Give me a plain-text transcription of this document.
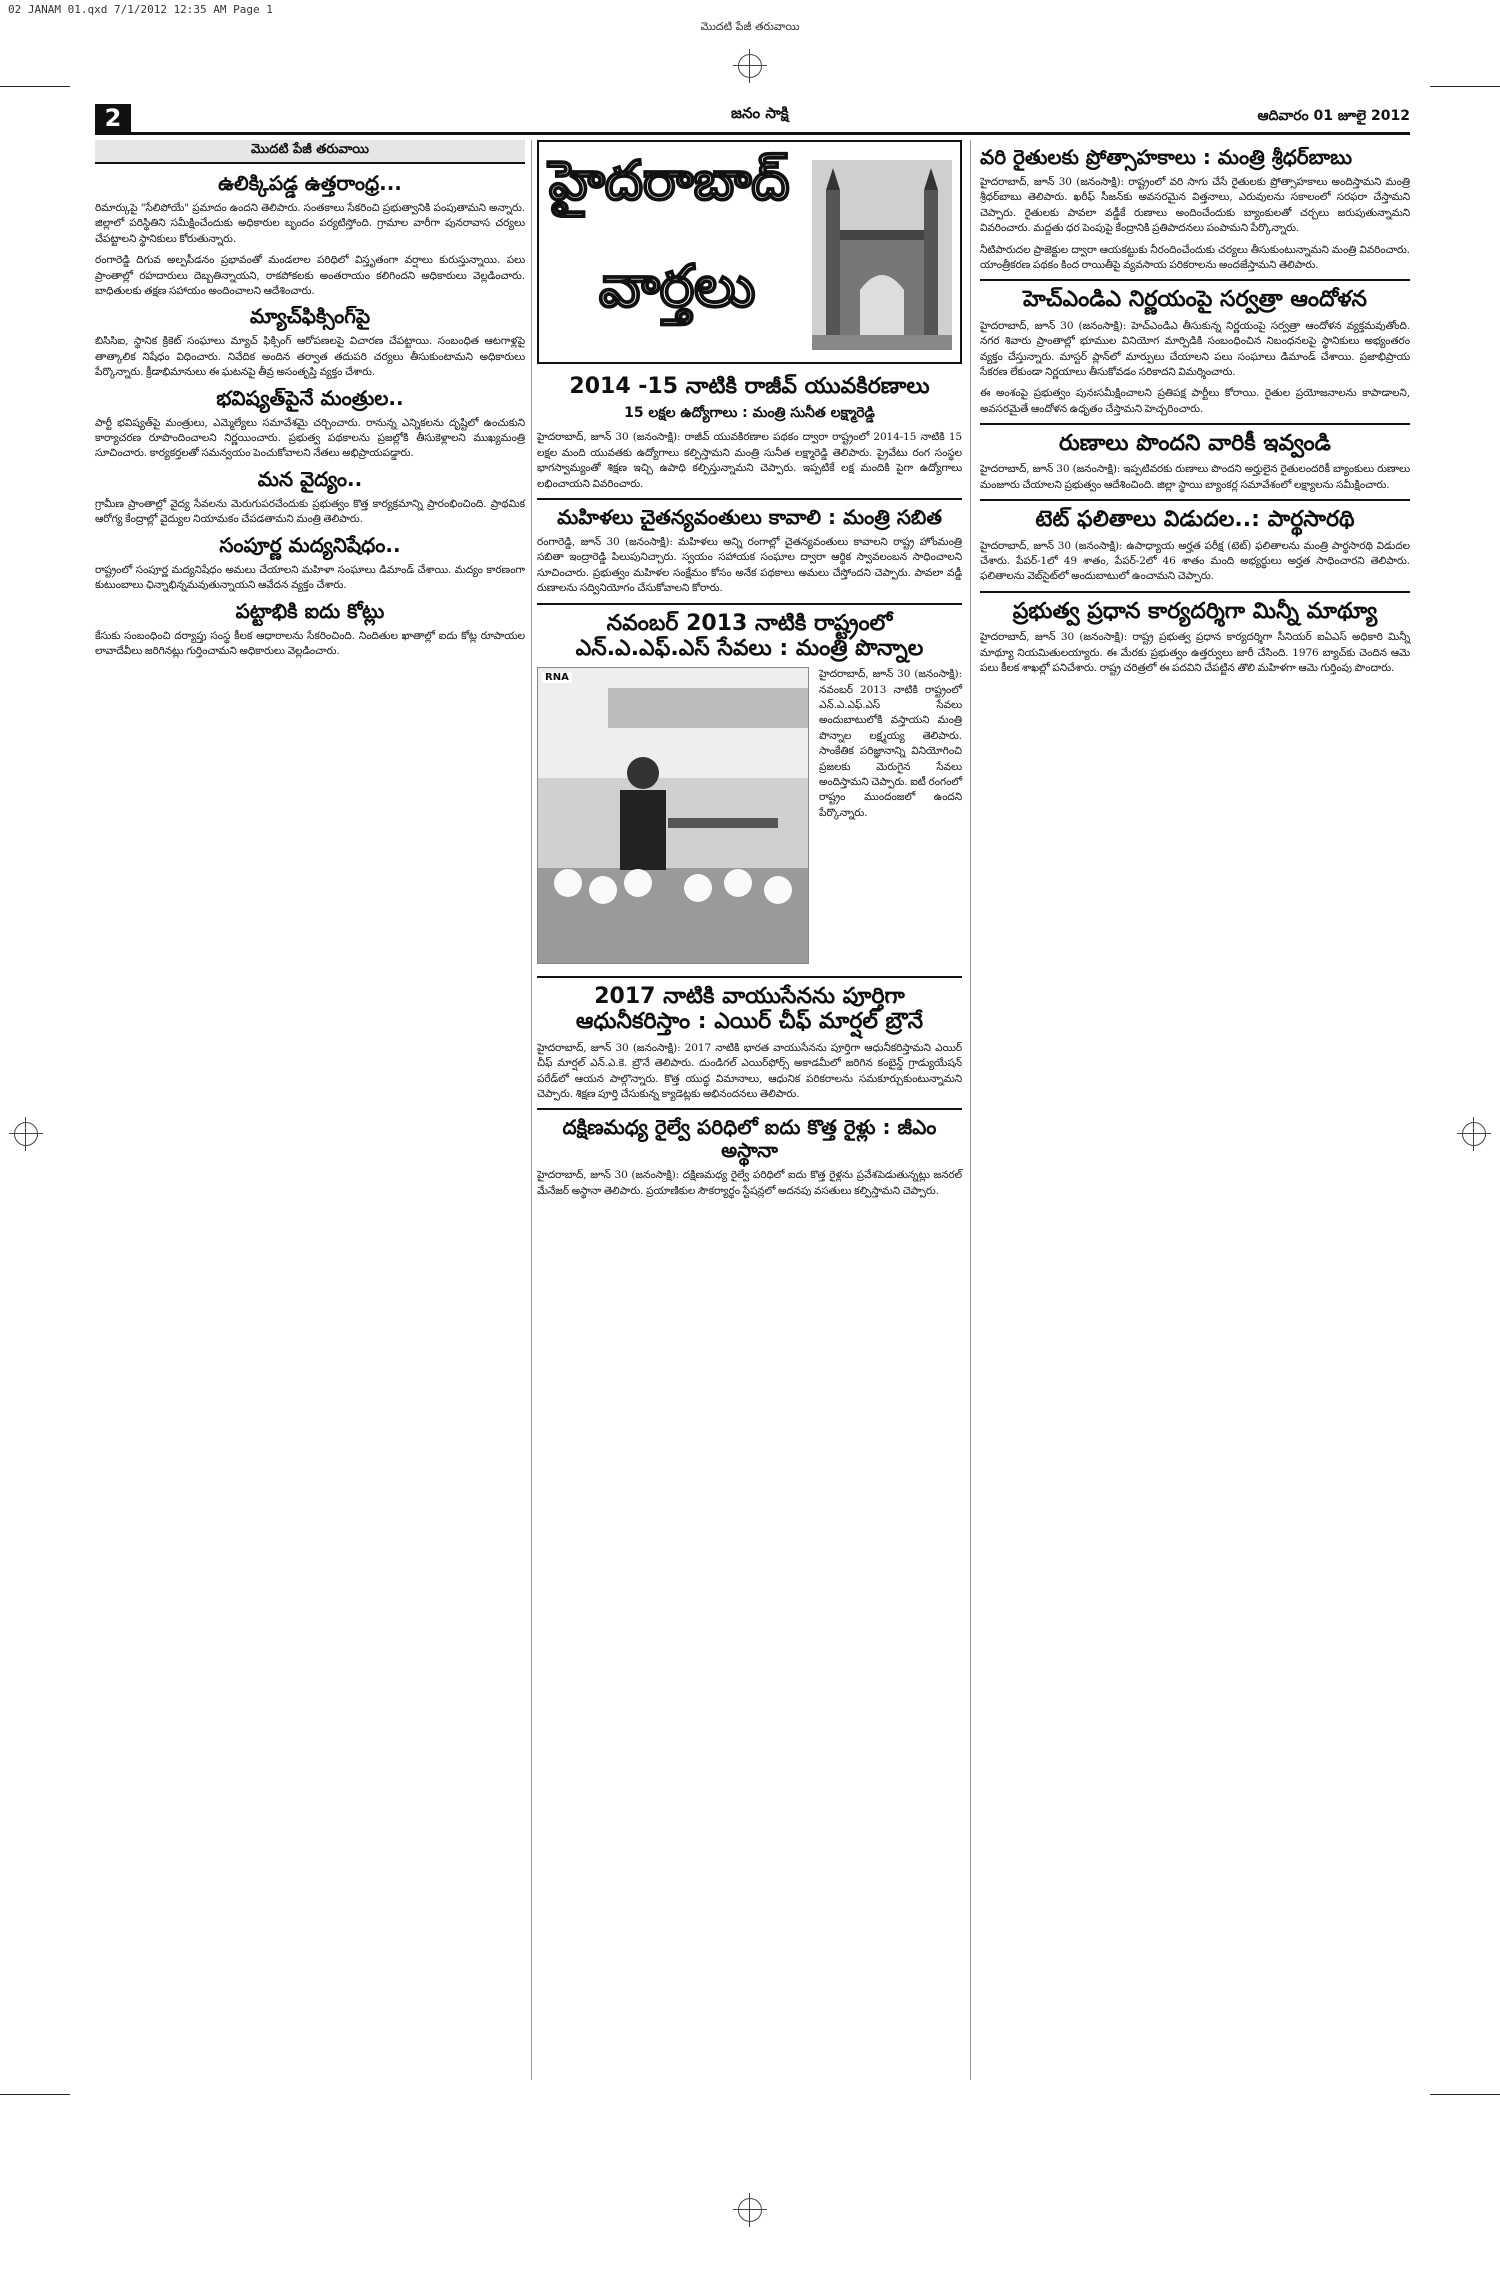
02 JANAM 01.qxd 7/1/2012 12:35 AM Page 1
మొదటి పేజీ తరువాయి
2	జనం సాక్షి	ఆదివారం 01 జూలై 2012
మొదటి పేజీ తరువాయి
ఉలిక్కిపడ్డ ఉత్తరాంధ్ర...

రిమార్కుపై "సేలిపోయే" ప్రమాదం ఉందని తెలిపారు. సంతకాలు సేకరించి ప్రభుత్వానికి పంపుతామని అన్నారు. జిల్లాలో పరిస్థితిని సమీక్షించేందుకు అధికారుల బృందం పర్యటిస్తోంది. గ్రామాల వారీగా పునరావాస చర్యలు చేపట్టాలని స్థానికులు కోరుతున్నారు.

రంగారెడ్డి దిగువ అల్పపీడనం ప్రభావంతో మండలాల పరిధిలో విస్తృతంగా వర్షాలు కురుస్తున్నాయి. పలు ప్రాంతాల్లో రహదారులు దెబ్బతిన్నాయని, రాకపోకలకు అంతరాయం కలిగిందని అధికారులు వెల్లడించారు. బాధితులకు తక్షణ సహాయం అందించాలని ఆదేశించారు.

మ్యాచ్‌ఫిక్సింగ్‌పై

బిసిసిఐ, స్థానిక క్రికెట్ సంఘాలు మ్యాచ్ ఫిక్సింగ్ ఆరోపణలపై విచారణ చేపట్టాయి. సంబంధిత ఆటగాళ్లపై తాత్కాలిక నిషేధం విధించారు. నివేదిక అందిన తర్వాత తదుపరి చర్యలు తీసుకుంటామని అధికారులు పేర్కొన్నారు. క్రీడాభిమానులు ఈ ఘటనపై తీవ్ర అసంతృప్తి వ్యక్తం చేశారు.

భవిష్యత్‌పైనే మంత్రుల..

పార్టీ భవిష్యత్‌పై మంత్రులు, ఎమ్మెల్యేలు సమావేశమై చర్చించారు. రానున్న ఎన్నికలను దృష్టిలో ఉంచుకుని కార్యాచరణ రూపొందించాలని నిర్ణయించారు. ప్రభుత్వ పథకాలను ప్రజల్లోకి తీసుకెళ్లాలని ముఖ్యమంత్రి సూచించారు. కార్యకర్తలతో సమన్వయం పెంచుకోవాలని నేతలు అభిప్రాయపడ్డారు.

మన వైద్యం..

గ్రామీణ ప్రాంతాల్లో వైద్య సేవలను మెరుగుపరచేందుకు ప్రభుత్వం కొత్త కార్యక్రమాన్ని ప్రారంభించింది. ప్రాథమిక ఆరోగ్య కేంద్రాల్లో వైద్యుల నియామకం చేపడతామని మంత్రి తెలిపారు.

సంపూర్ణ మద్యనిషేధం..

రాష్ట్రంలో సంపూర్ణ మద్యనిషేధం అమలు చేయాలని మహిళా సంఘాలు డిమాండ్ చేశాయి. మద్యం కారణంగా కుటుంబాలు ఛిన్నాభిన్నమవుతున్నాయని ఆవేదన వ్యక్తం చేశారు.

పట్టాభికి ఐదు కోట్లు

కేసుకు సంబంధించి దర్యాప్తు సంస్థ కీలక ఆధారాలను సేకరించింది. నిందితుల ఖాతాల్లో ఐదు కోట్ల రూపాయల లావాదేవీలు జరిగినట్లు గుర్తించామని అధికారులు వెల్లడించారు.

హైదరాబాద్
వార్తలు
2014 -15 నాటికి రాజీవ్ యువకిరణాలు
15 లక్షల ఉద్యోగాలు : మంత్రి సునీత లక్ష్మారెడ్డి

హైదరాబాద్, జూన్ 30 (జనంసాక్షి): రాజీవ్ యువకిరణాల పథకం ద్వారా రాష్ట్రంలో 2014-15 నాటికి 15 లక్షల మంది యువతకు ఉద్యోగాలు కల్పిస్తామని మంత్రి సునీత లక్ష్మారెడ్డి తెలిపారు. ప్రైవేటు రంగ సంస్థల భాగస్వామ్యంతో శిక్షణ ఇచ్చి ఉపాధి కల్పిస్తున్నామని చెప్పారు. ఇప్పటికే లక్ష మందికి పైగా ఉద్యోగాలు లభించాయని వివరించారు.

మహిళలు చైతన్యవంతులు కావాలి : మంత్రి సబిత

రంగారెడ్డి, జూన్ 30 (జనంసాక్షి): మహిళలు అన్ని రంగాల్లో చైతన్యవంతులు కావాలని రాష్ట్ర హోంమంత్రి సబితా ఇంద్రారెడ్డి పిలుపునిచ్చారు. స్వయం సహాయక సంఘాల ద్వారా ఆర్థిక స్వావలంబన సాధించాలని సూచించారు. ప్రభుత్వం మహిళల సంక్షేమం కోసం అనేక పథకాలు అమలు చేస్తోందని చెప్పారు. పావలా వడ్డీ రుణాలను సద్వినియోగం చేసుకోవాలని కోరారు.

నవంబర్ 2013 నాటికి రాష్ట్రంలో ఎన్.ఎ.ఎఫ్.ఎస్ సేవలు : మంత్రి పొన్నాల
RNA	హైదరాబాద్, జూన్ 30 (జనంసాక్షి): నవంబర్ 2013 నాటికి రాష్ట్రంలో ఎన్.ఎ.ఎఫ్.ఎస్ సేవలు అందుబాటులోకి వస్తాయని మంత్రి పొన్నాల లక్ష్మయ్య తెలిపారు. సాంకేతిక పరిజ్ఞానాన్ని వినియోగించి ప్రజలకు మెరుగైన సేవలు అందిస్తామని చెప్పారు. ఐటీ రంగంలో రాష్ట్రం ముందంజలో ఉందని పేర్కొన్నారు.

2017 నాటికి వాయుసేనను పూర్తిగా ఆధునీకరిస్తాం : ఎయిర్ చీఫ్ మార్షల్ బ్రౌనే

హైదరాబాద్, జూన్ 30 (జనంసాక్షి): 2017 నాటికి భారత వాయుసేనను పూర్తిగా ఆధునీకరిస్తామని ఎయిర్ చీఫ్ మార్షల్ ఎన్.ఎ.కె. బ్రౌనే తెలిపారు. దుండిగల్ ఎయిర్‌ఫోర్స్ అకాడమీలో జరిగిన కంబైన్డ్ గ్రాడ్యుయేషన్ పరేడ్‌లో ఆయన పాల్గొన్నారు. కొత్త యుద్ధ విమానాలు, ఆధునిక పరికరాలను సమకూర్చుకుంటున్నామని చెప్పారు. శిక్షణ పూర్తి చేసుకున్న క్యాడెట్లకు అభినందనలు తెలిపారు.

దక్షిణమధ్య రైల్వే పరిధిలో ఐదు కొత్త రైళ్లు : జీఎం అస్థానా

హైదరాబాద్, జూన్ 30 (జనంసాక్షి): దక్షిణమధ్య రైల్వే పరిధిలో ఐదు కొత్త రైళ్లను ప్రవేశపెడుతున్నట్లు జనరల్ మేనేజర్ అస్థానా తెలిపారు. ప్రయాణికుల సౌకర్యార్థం స్టేషన్లలో అదనపు వసతులు కల్పిస్తామని చెప్పారు.

వరి రైతులకు ప్రోత్సాహకాలు : మంత్రి శ్రీధర్‌బాబు

హైదరాబాద్, జూన్ 30 (జనంసాక్షి): రాష్ట్రంలో వరి సాగు చేసే రైతులకు ప్రోత్సాహకాలు అందిస్తామని మంత్రి శ్రీధర్‌బాబు తెలిపారు. ఖరీఫ్ సీజన్‌కు అవసరమైన విత్తనాలు, ఎరువులను సకాలంలో సరఫరా చేస్తామని చెప్పారు. రైతులకు పావలా వడ్డీకే రుణాలు అందించేందుకు బ్యాంకులతో చర్చలు జరుపుతున్నామని వివరించారు. మద్దతు ధర పెంపుపై కేంద్రానికి ప్రతిపాదనలు పంపామని పేర్కొన్నారు.

నీటిపారుదల ప్రాజెక్టుల ద్వారా ఆయకట్టుకు నీరందించేందుకు చర్యలు తీసుకుంటున్నామని మంత్రి వివరించారు. యాంత్రీకరణ పథకం కింద రాయితీపై వ్యవసాయ పరికరాలను అందజేస్తామని తెలిపారు.

హెచ్ఎండిఎ నిర్ణయంపై సర్వత్రా ఆందోళన

హైదరాబాద్, జూన్ 30 (జనంసాక్షి): హెచ్ఎండిఎ తీసుకున్న నిర్ణయంపై సర్వత్రా ఆందోళన వ్యక్తమవుతోంది. నగర శివారు ప్రాంతాల్లో భూముల వినియోగ మార్పిడికి సంబంధించిన నిబంధనలపై స్థానికులు అభ్యంతరం వ్యక్తం చేస్తున్నారు. మాస్టర్ ప్లాన్‌లో మార్పులు చేయాలని పలు సంఘాలు డిమాండ్ చేశాయి. ప్రజాభిప్రాయ సేకరణ లేకుండా నిర్ణయాలు తీసుకోవడం సరికాదని విమర్శించారు.

ఈ అంశంపై ప్రభుత్వం పునఃసమీక్షించాలని ప్రతిపక్ష పార్టీలు కోరాయి. రైతుల ప్రయోజనాలను కాపాడాలని, అవసరమైతే ఆందోళన ఉధృతం చేస్తామని హెచ్చరించారు.

రుణాలు పొందని వారికీ ఇవ్వండి

హైదరాబాద్, జూన్ 30 (జనంసాక్షి): ఇప్పటివరకు రుణాలు పొందని అర్హులైన రైతులందరికీ బ్యాంకులు రుణాలు మంజూరు చేయాలని ప్రభుత్వం ఆదేశించింది. జిల్లా స్థాయి బ్యాంకర్ల సమావేశంలో లక్ష్యాలను సమీక్షించారు.

టెట్ ఫలితాలు విడుదల..: పార్థసారథి

హైదరాబాద్, జూన్ 30 (జనంసాక్షి): ఉపాధ్యాయ అర్హత పరీక్ష (టెట్) ఫలితాలను మంత్రి పార్థసారథి విడుదల చేశారు. పేపర్-1లో 49 శాతం, పేపర్-2లో 46 శాతం మంది అభ్యర్థులు అర్హత సాధించారని తెలిపారు. ఫలితాలను వెబ్‌సైట్‌లో అందుబాటులో ఉంచామని చెప్పారు.

ప్రభుత్వ ప్రధాన కార్యదర్శిగా మిన్నీ మాథ్యూ

హైదరాబాద్, జూన్ 30 (జనంసాక్షి): రాష్ట్ర ప్రభుత్వ ప్రధాన కార్యదర్శిగా సీనియర్ ఐఏఎస్ అధికారి మిన్నీ మాథ్యూ నియమితులయ్యారు. ఈ మేరకు ప్రభుత్వం ఉత్తర్వులు జారీ చేసింది. 1976 బ్యాచ్‌కు చెందిన ఆమె పలు కీలక శాఖల్లో పనిచేశారు. రాష్ట్ర చరిత్రలో ఈ పదవిని చేపట్టిన తొలి మహిళగా ఆమె గుర్తింపు పొందారు.
